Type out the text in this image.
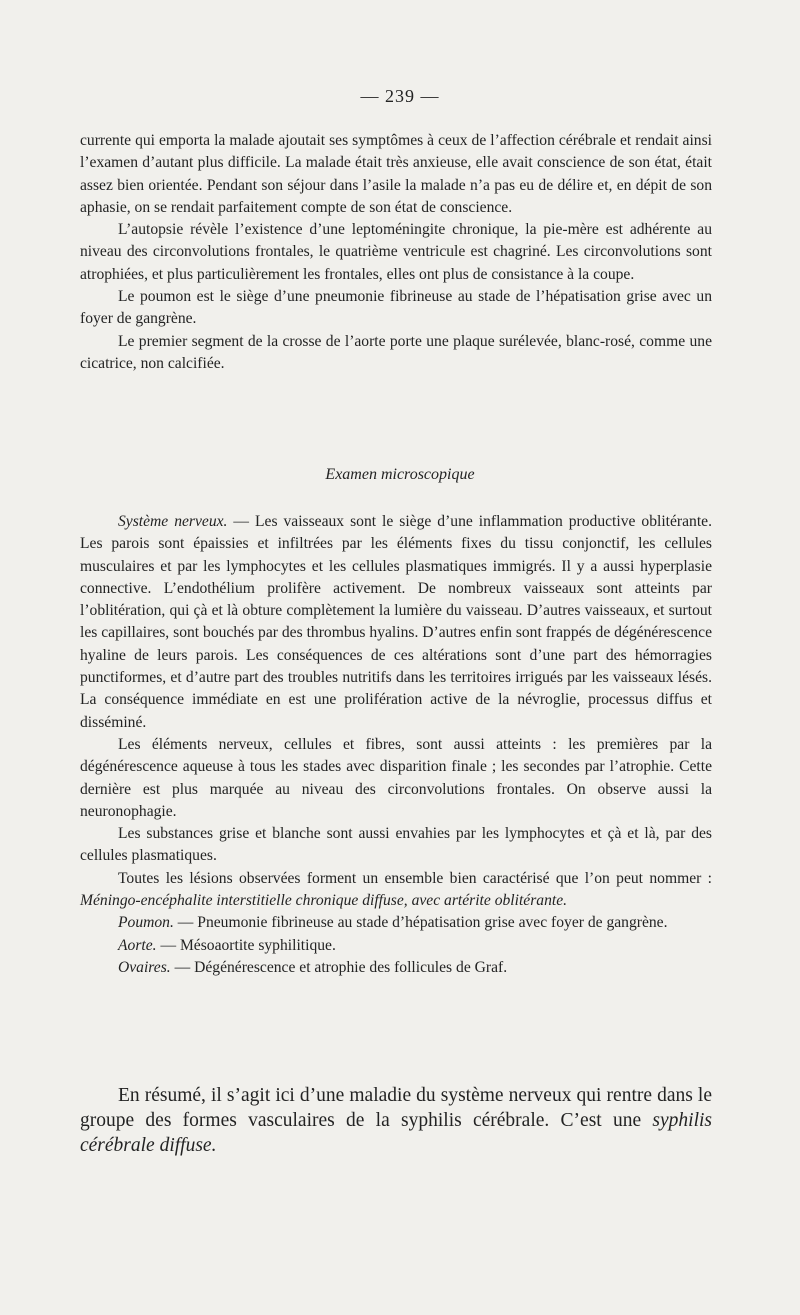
— 239 —

currente qui emporta la malade ajoutait ses symptômes à ceux de l’affection cérébrale et rendait ainsi l’examen d’autant plus difficile. La malade était très anxieuse, elle avait conscience de son état, était assez bien orientée. Pendant son séjour dans l’asile la malade n’a pas eu de délire et, en dépit de son aphasie, on se rendait parfaitement compte de son état de conscience.

L’autopsie révèle l’existence d’une leptoméningite chronique, la pie-mère est adhérente au niveau des circonvolutions frontales, le quatrième ventricule est chagriné. Les circonvolutions sont atrophiées, et plus particulièrement les frontales, elles ont plus de consistance à la coupe.

Le poumon est le siège d’une pneumonie fibrineuse au stade de l’hépatisation grise avec un foyer de gangrène.

Le premier segment de la crosse de l’aorte porte une plaque surélevée, blanc-rosé, comme une cicatrice, non calcifiée.

Examen microscopique

Système nerveux. — Les vaisseaux sont le siège d’une inflammation productive oblitérante. Les parois sont épaissies et infiltrées par les éléments fixes du tissu conjonctif, les cellules musculaires et par les lymphocytes et les cellules plasmatiques immigrés. Il y a aussi hyperplasie connective. L’endothélium prolifère activement. De nombreux vaisseaux sont atteints par l’oblitération, qui çà et là obture complètement la lumière du vaisseau. D’autres vaisseaux, et surtout les capillaires, sont bouchés par des thrombus hyalins. D’autres enfin sont frappés de dégénérescence hyaline de leurs parois. Les conséquences de ces altérations sont d’une part des hémorragies punctiformes, et d’autre part des troubles nutritifs dans les territoires irrigués par les vaisseaux lésés. La conséquence immédiate en est une prolifération active de la névroglie, processus diffus et disséminé.

Les éléments nerveux, cellules et fibres, sont aussi atteints : les premières par la dégénérescence aqueuse à tous les stades avec disparition finale ; les secondes par l’atrophie. Cette dernière est plus marquée au niveau des circonvolutions frontales. On observe aussi la neuronophagie.

Les substances grise et blanche sont aussi envahies par les lymphocytes et çà et là, par des cellules plasmatiques.

Toutes les lésions observées forment un ensemble bien caractérisé que l’on peut nommer : Méningo-encéphalite interstitielle chronique diffuse, avec artérite oblitérante.

Poumon. — Pneumonie fibrineuse au stade d’hépatisation grise avec foyer de gangrène.

Aorte. — Mésoaortite syphilitique.

Ovaires. — Dégénérescence et atrophie des follicules de Graf.

En résumé, il s’agit ici d’une maladie du système nerveux qui rentre dans le groupe des formes vasculaires de la syphilis cérébrale. C’est une syphilis cérébrale diffuse.
